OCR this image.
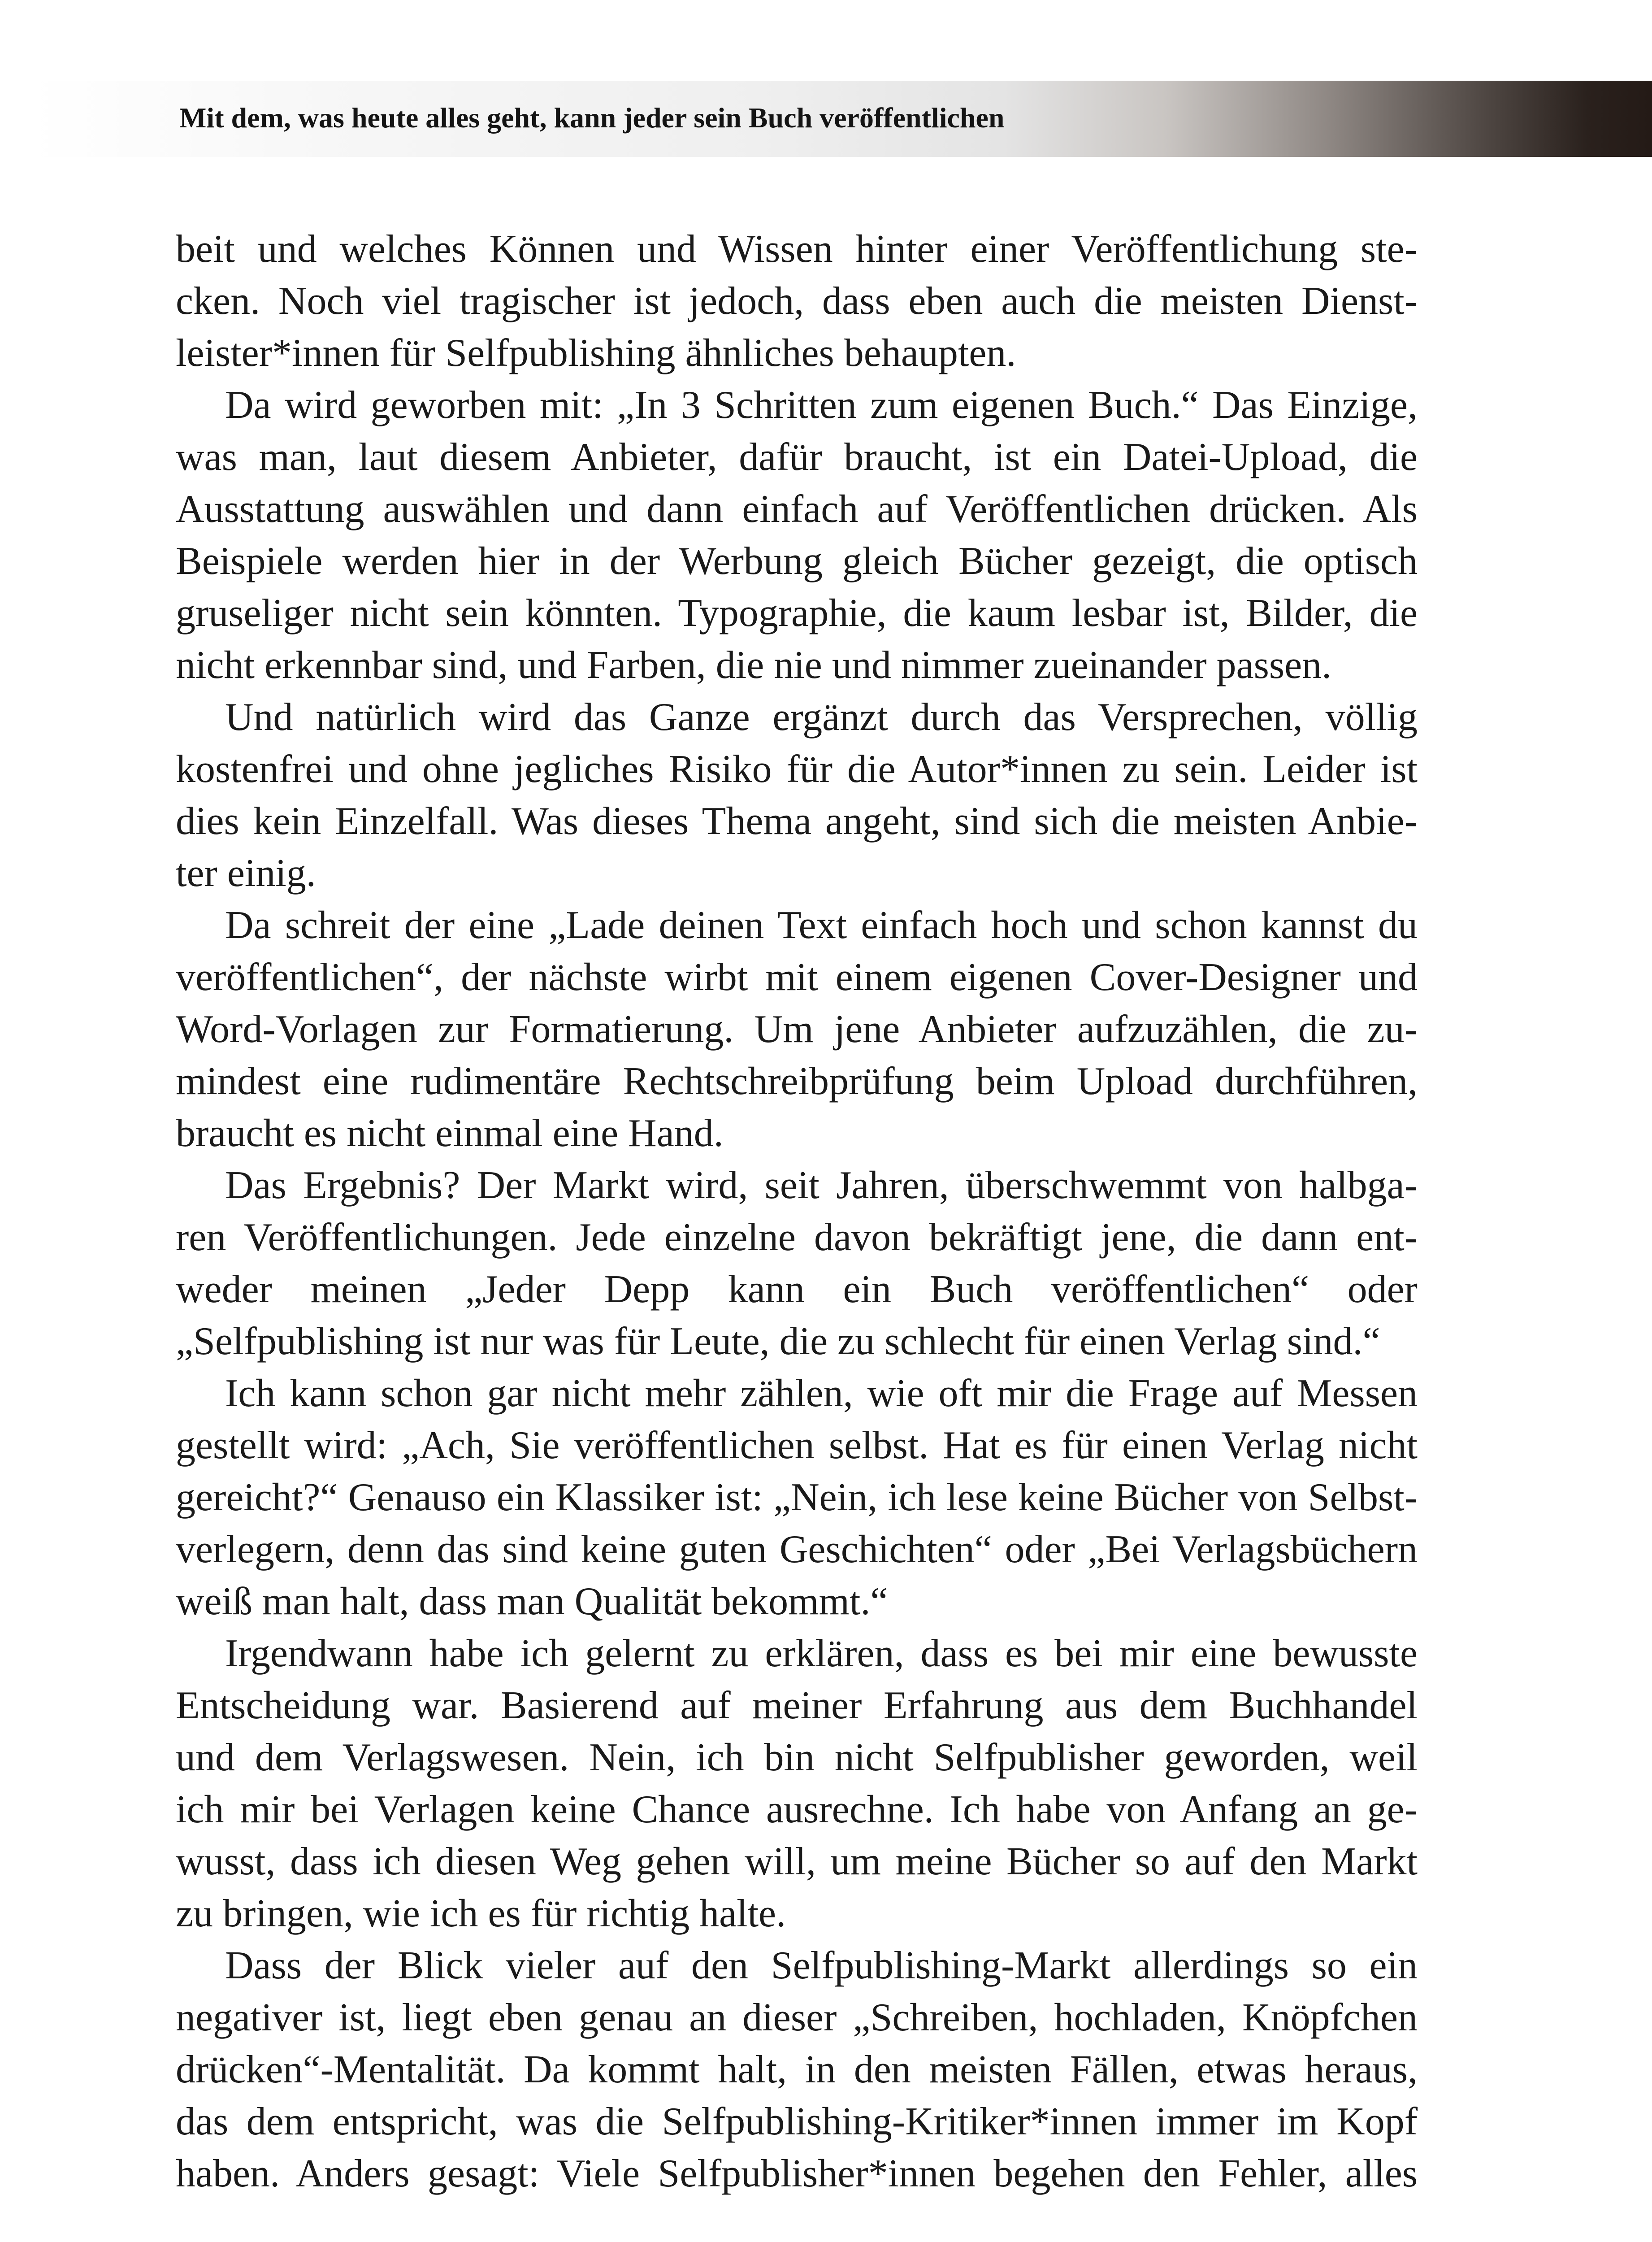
Mit dem, was heute alles geht, kann jeder sein Buch veröffentlichen
beit und welches Können und Wissen hinter einer Veröffentlichung ste-
cken. Noch viel tragischer ist jedoch, dass eben auch die meisten Dienst-
leister*innen für Selfpublishing ähnliches behaupten.
Da wird geworben mit: „In 3 Schritten zum eigenen Buch.“ Das Einzige,
was man, laut diesem Anbieter, dafür braucht, ist ein Datei-Upload, die
Ausstattung auswählen und dann einfach auf Veröffentlichen drücken. Als
Beispiele werden hier in der Werbung gleich Bücher gezeigt, die optisch
gruseliger nicht sein könnten. Typographie, die kaum lesbar ist, Bilder, die
nicht erkennbar sind, und Farben, die nie und nimmer zueinander passen.
Und natürlich wird das Ganze ergänzt durch das Versprechen, völlig
kostenfrei und ohne jegliches Risiko für die Autor*innen zu sein. Leider ist
dies kein Einzelfall. Was dieses Thema angeht, sind sich die meisten Anbie-
ter einig.
Da schreit der eine „Lade deinen Text einfach hoch und schon kannst du
veröffentlichen“, der nächste wirbt mit einem eigenen Cover-Designer und
Word-Vorlagen zur Formatierung. Um jene Anbieter aufzuzählen, die zu-
mindest eine rudimentäre Rechtschreibprüfung beim Upload durchführen,
braucht es nicht einmal eine Hand.
Das Ergebnis? Der Markt wird, seit Jahren, überschwemmt von halbga-
ren Veröffentlichungen. Jede einzelne davon bekräftigt jene, die dann ent-
weder meinen „Jeder Depp kann ein Buch veröffentlichen“ oder
„Selfpublishing ist nur was für Leute, die zu schlecht für einen Verlag sind.“
Ich kann schon gar nicht mehr zählen, wie oft mir die Frage auf Messen
gestellt wird: „Ach, Sie veröffentlichen selbst. Hat es für einen Verlag nicht
gereicht?“ Genauso ein Klassiker ist: „Nein, ich lese keine Bücher von Selbst-
verlegern, denn das sind keine guten Geschichten“ oder „Bei Verlagsbüchern
weiß man halt, dass man Qualität bekommt.“
Irgendwann habe ich gelernt zu erklären, dass es bei mir eine bewusste
Entscheidung war. Basierend auf meiner Erfahrung aus dem Buchhandel
und dem Verlagswesen. Nein, ich bin nicht Selfpublisher geworden, weil
ich mir bei Verlagen keine Chance ausrechne. Ich habe von Anfang an ge-
wusst, dass ich diesen Weg gehen will, um meine Bücher so auf den Markt
zu bringen, wie ich es für richtig halte.
Dass der Blick vieler auf den Selfpublishing-Markt allerdings so ein
negativer ist, liegt eben genau an dieser „Schreiben, hochladen, Knöpfchen
drücken“-Mentalität. Da kommt halt, in den meisten Fällen, etwas heraus,
das dem entspricht, was die Selfpublishing-Kritiker*innen immer im Kopf
haben. Anders gesagt: Viele Selfpublisher*innen begehen den Fehler, alles
